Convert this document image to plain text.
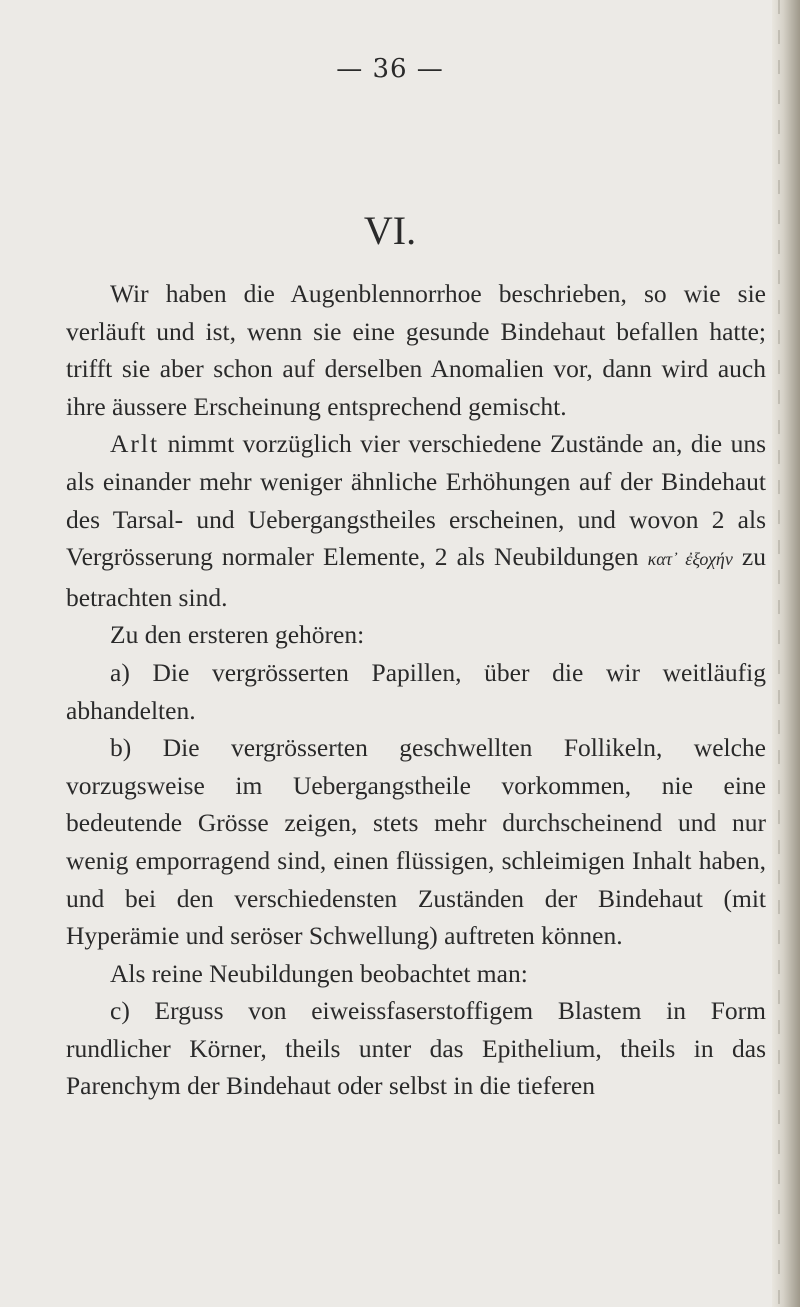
— 36 —
VI.

Wir haben die Augenblennorrhoe beschrieben, so wie sie verläuft und ist, wenn sie eine gesunde Bindehaut befallen hatte; trifft sie aber schon auf derselben Anomalien vor, dann wird auch ihre äussere Erscheinung entsprechend gemischt.

Arlt nimmt vorzüglich vier verschiedene Zustände an, die uns als einander mehr weniger ähnliche Erhöhungen auf der Bindehaut des Tarsal- und Uebergangstheiles erscheinen, und wovon 2 als Vergrösserung normaler Elemente, 2 als Neubildungen κατ᾿ ἐξοχήν zu betrachten sind.

Zu den ersteren gehören:

a) Die vergrösserten Papillen, über die wir weitläufig abhandelten.

b) Die vergrösserten geschwellten Follikeln, welche vorzugsweise im Uebergangstheile vorkommen, nie eine bedeutende Grösse zeigen, stets mehr durchscheinend und nur wenig emporragend sind, einen flüssigen, schleimigen Inhalt haben, und bei den verschiedensten Zuständen der Bindehaut (mit Hyperämie und seröser Schwellung) auftreten können.

Als reine Neubildungen beobachtet man:

c) Erguss von eiweissfaserstoffigem Blastem in Form rundlicher Körner, theils unter das Epithelium, theils in das Parenchym der Bindehaut oder selbst in die tieferen
